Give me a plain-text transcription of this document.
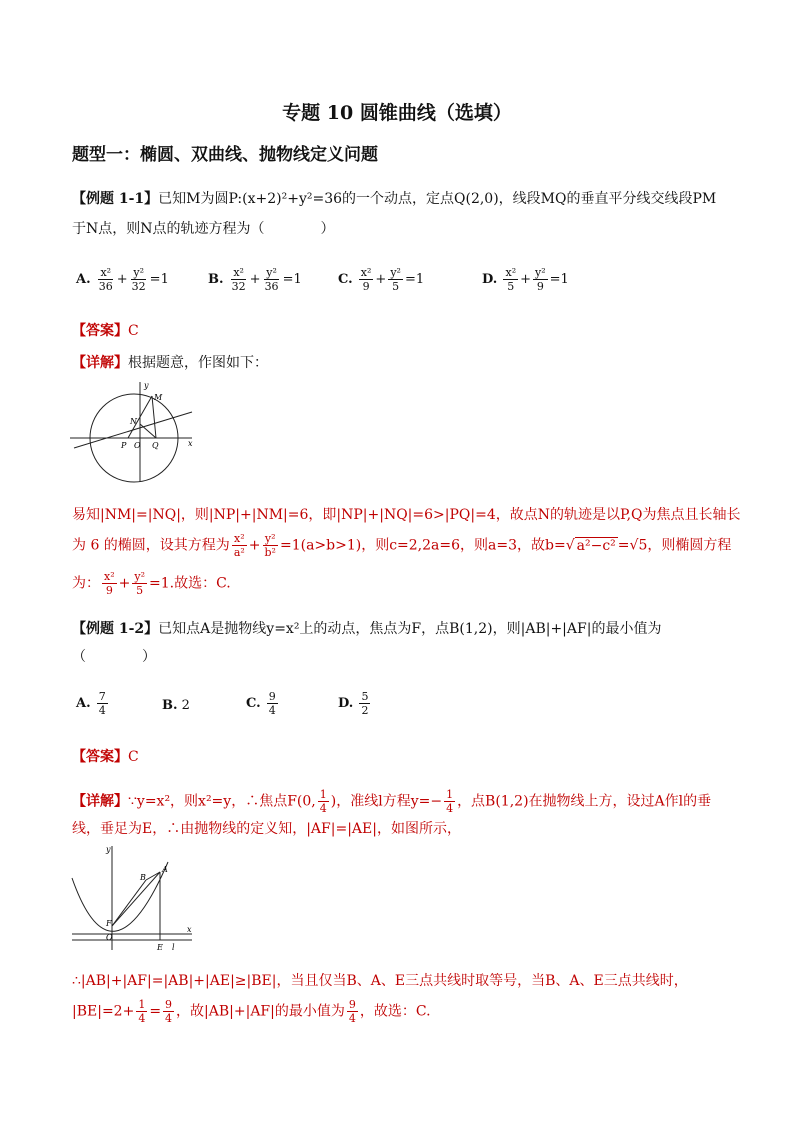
专题 10 圆锥曲线（选填）
题型一：椭圆、双曲线、抛物线定义问题
【例题 1-1】已知M为圆P:(x+2)²+y²=36的一个动点，定点Q(2,0)，线段MQ的垂直平分线交线段PM
于N点，则N点的轨迹方程为（　　　　）
A. $\frac{\text{x²}}{36} + \frac{\text{y²}}{32} =1$	B. $\frac{\text{x²}}{32} + \frac{\text{y²}}{36} =1$	C. $\frac{\text{x²}}{9} + \frac{\text{y²}}{5} =1$	D. $\frac{\text{x²}}{5} + \frac{\text{y²}}{9} =1$
【答案】C
【详解】根据题意，作图如下：
y
M
N
x
P O Q
易知|NM|=|NQ|，则|NP|+|NM|=6，即|NP|+|NQ|=6>|PQ|=4，故点N的轨迹是以P,Q为焦点且长轴长
为 6 的椭圆，设其方程为 $\frac{\text{x²}}{\text{a²}} + \frac{\text{y²}}{\text{b²}} =1(a>b>1)$，则c=2,2a=6，则a=3，故b=√ a²−c² =√5，则椭圆方程
为： $\frac{\text{x²}}{9} + \frac{\text{y²}}{5} =1$.故选：C.
【例题 1-2】已知点A是抛物线y=x²上的动点，焦点为F，点B(1,2)，则|AB|+|AF|的最小值为
（　　　　）
A. $\frac{7}{4}$	B. 2	C. $\frac{9}{4}$	D. $\frac{5}{2}$
【答案】C
【详解】∵y=x²，则x²=y，∴焦点F(0, $\frac{1}{4}$ )，准线l方程$y=- \frac{1}{4}$ ，点B(1,2)在抛物线上方，设过A作l的垂
线，垂足为E，∴由抛物线的定义知，|AF|=|AE|，如图所示，
y
A
B
F
O
E l
x
∴|AB|+|AF|=|AB|+|AE|≥|BE|，当且仅当B、A、E三点共线时取等号，当B、A、E三点共线时，
$|BE|=2+ \frac{1}{4} = \frac{9}{4}$ ，故|AB|+|AF|的最小值为 $\frac{9}{4}$ ，故选：C.
